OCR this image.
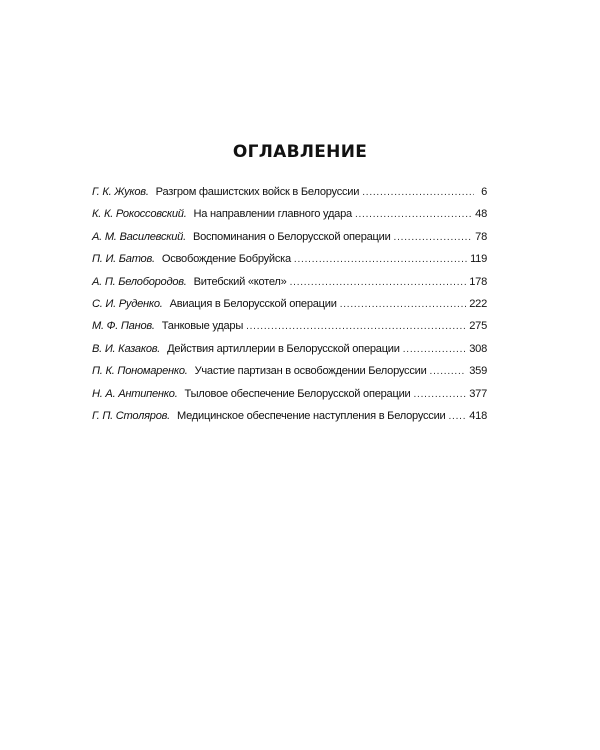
ОГЛАВЛЕНИЕ
Г. К. Жуков. Разгром фашистских войск в Белоруссии . . .	6
К. К. Рокоссовский. На направлении главного удара . . .	48
А. М. Василевский. Воспоминания о Белорусской операции . . .	78
П. И. Батов. Освобождение Бобруйска . . .	119
А. П. Белобородов. Витебский «котел» . . .	178
С. И. Руденко. Авиация в Белорусской операции . . .	222
М. Ф. Панов. Танковые удары . . .	275
В. И. Казаков. Действия артиллерии в Белорусской операции . . .	308
П. К. Пономаренко. Участие партизан в освобождении Белоруссии . . .	359
Н. А. Антипенко. Тыловое обеспечение Белорусской операции . . .	377
Г. П. Столяров. Медицинское обеспечение наступления в Белоруссии . . . 418
